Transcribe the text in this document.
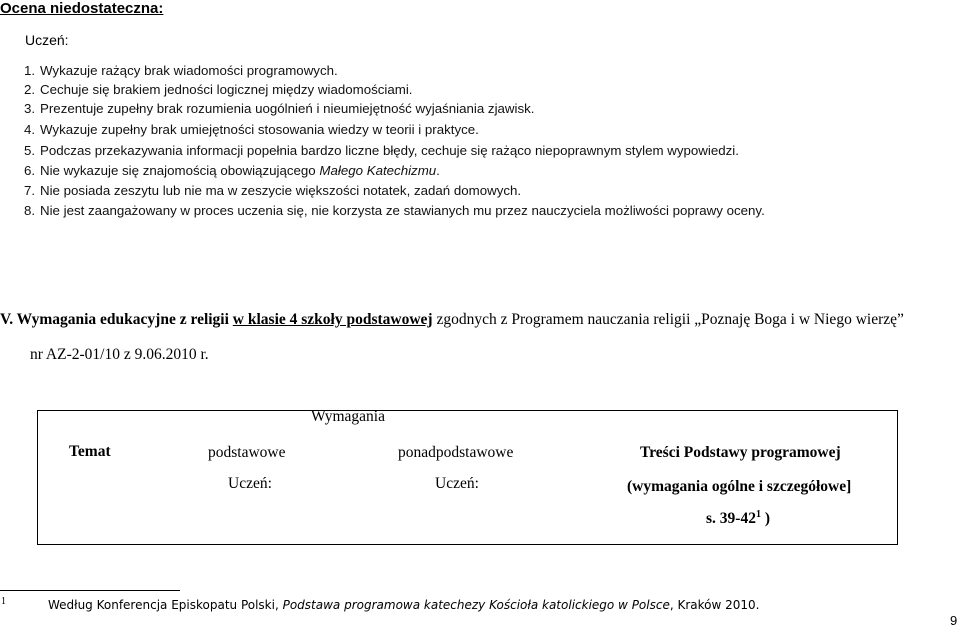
Ocena niedostateczna:
Uczeń:
1. Wykazuje rażący brak wiadomości programowych.
2. Cechuje się brakiem jedności logicznej między wiadomościami.
3. Prezentuje zupełny brak rozumienia uogólnień i nieumiejętność wyjaśniania zjawisk.
4. Wykazuje zupełny brak umiejętności stosowania wiedzy w teorii i praktyce.
5. Podczas przekazywania informacji popełnia bardzo liczne błędy, cechuje się rażąco niepoprawnym stylem wypowiedzi.
6. Nie wykazuje się znajomością obowiązującego Małego Katechizmu.
7. Nie posiada zeszytu lub nie ma w zeszycie większości notatek, zadań domowych.
8. Nie jest zaangażowany w proces uczenia się, nie korzysta ze stawianych mu przez nauczyciela możliwości poprawy oceny.
V. Wymagania edukacyjne z religii w klasie 4 szkoły podstawowej zgodnych z Programem nauczania religii „Poznaję Boga i w Niego wierzę”
nr AZ-2-01/10 z 9.06.2010 r.
Wymagania
Temat	podstawowe
Uczeń:
ponadpodstawowe
Uczeń:
Treści Podstawy programowej
(wymagania ogólne i szczegółowe]
s. $39-42^1$ )
1	Według Konferencja Episkopatu Polski, Podstawa programowa katechezy Kościoła katolickiego w Polsce, Kraków 2010.
9
